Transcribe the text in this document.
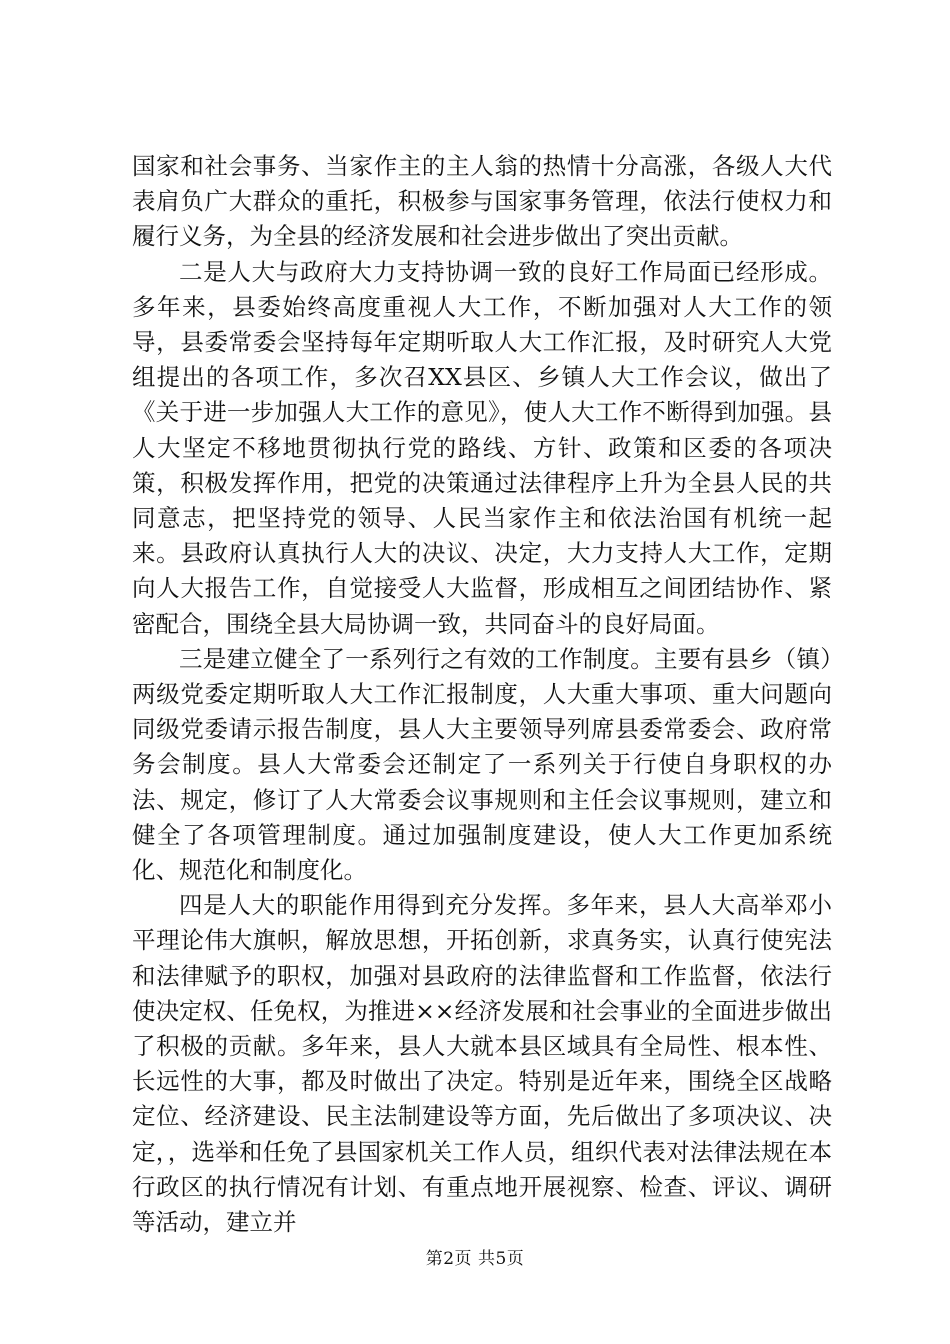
国家和社会事务、当家作主的主人翁的热情十分高涨，各级人大代表肩负广大群众的重托，积极参与国家事务管理，依法行使权力和履行义务，为全县的经济发展和社会进步做出了突出贡献。

二是人大与政府大力支持协调一致的良好工作局面已经形成。多年来，县委始终高度重视人大工作，不断加强对人大工作的领导，县委常委会坚持每年定期听取人大工作汇报，及时研究人大党组提出的各项工作，多次召XX县区、乡镇人大工作会议，做出了《关于进一步加强人大工作的意见》，使人大工作不断得到加强。县人大坚定不移地贯彻执行党的路线、方针、政策和区委的各项决策，积极发挥作用，把党的决策通过法律程序上升为全县人民的共同意志，把坚持党的领导、人民当家作主和依法治国有机统一起来。县政府认真执行人大的决议、决定，大力支持人大工作，定期向人大报告工作，自觉接受人大监督，形成相互之间团结协作、紧密配合，围绕全县大局协调一致，共同奋斗的良好局面。

三是建立健全了一系列行之有效的工作制度。主要有县乡（镇）两级党委定期听取人大工作汇报制度，人大重大事项、重大问题向同级党委请示报告制度，县人大主要领导列席县委常委会、政府常务会制度。县人大常委会还制定了一系列关于行使自身职权的办法、规定，修订了人大常委会议事规则和主任会议事规则，建立和健全了各项管理制度。通过加强制度建设，使人大工作更加系统化、规范化和制度化。

四是人大的职能作用得到充分发挥。多年来，县人大高举邓小平理论伟大旗帜，解放思想，开拓创新，求真务实，认真行使宪法和法律赋予的职权，加强对县政府的法律监督和工作监督，依法行使决定权、任免权，为推进××经济发展和社会事业的全面进步做出了积极的贡献。多年来，县人大就本县区域具有全局性、根本性、长远性的大事，都及时做出了决定。特别是近年来，围绕全区战略定位、经济建设、民主法制建设等方面，先后做出了多项决议、决定，，选举和任免了县国家机关工作人员，组织代表对法律法规在本行政区的执行情况有计划、有重点地开展视察、检查、评议、调研等活动，建立并

第2页 共5页
